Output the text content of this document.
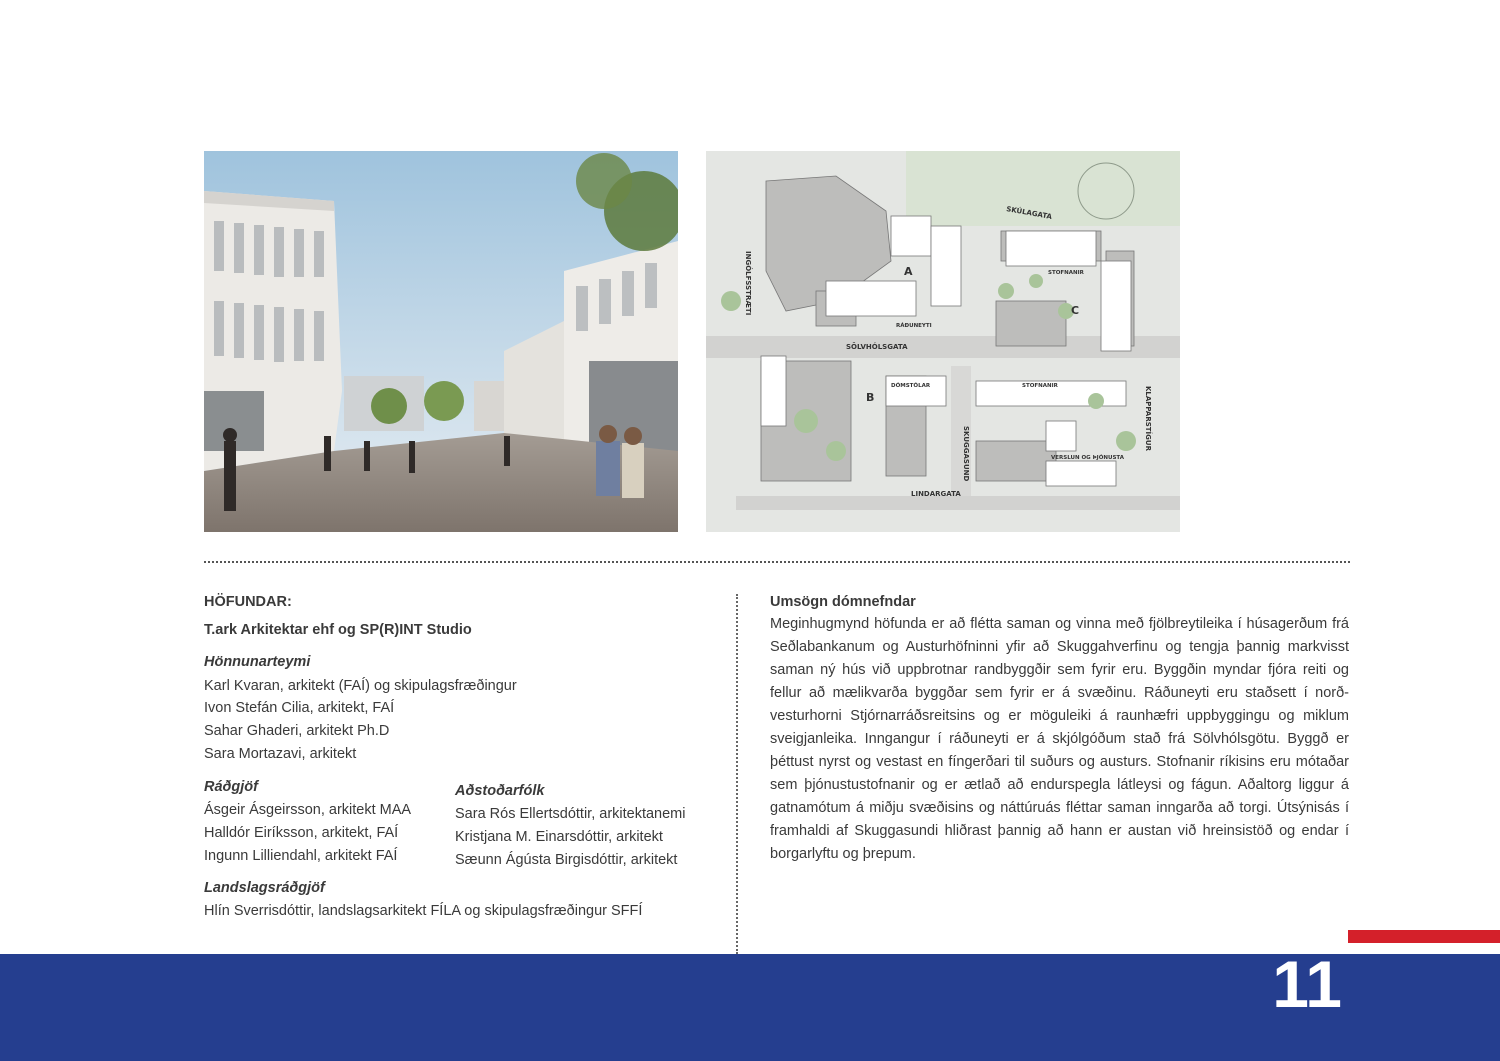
SKÚLAGATA
SÖLVHÓLSGATA
LINDARGATA
INGÓLFSSTRÆTI
KLAPPARSTÍGUR
SKUGGASUND
A
B
C
RÁÐUNEYTI
STOFNANIR
DÓMSTÓLAR	STOFNANIR
VERSLUN OG ÞJÓNUSTA

HÖFUNDAR:

T.ark Arkitektar ehf og SP(R)INT Studio

Hönnunarteymi

Karl Kvaran, arkitekt (FAÍ) og skipulagsfræðingur

Ivon Stefán Cilia, arkitekt, FAÍ

Sahar Ghaderi, arkitekt Ph.D

Sara Mortazavi, arkitekt

Ráðgjöf

Ásgeir Ásgeirsson, arkitekt MAA

Halldór Eiríksson, arkitekt, FAÍ

Ingunn Lilliendahl, arkitekt FAÍ

Aðstoðarfólk

Sara Rós Ellertsdóttir, arkitektanemi

Kristjana M. Einarsdóttir, arkitekt

Sæunn Ágústa Birgisdóttir, arkitekt

Landslagsráðgjöf

Hlín Sverrisdóttir, landslagsarkitekt FÍLA og skipulagsfræðingur SFFÍ

Umsögn dómnefndar

Meginhugmynd höfunda er að flétta saman og vinna með fjölbreytileika í húsagerðum frá Seðlabankanum og Austurhöfninni yfir að Skuggahverfinu og tengja þannig markvisst saman ný hús við uppbrotnar randbyggðir sem fyrir eru. Byggðin myndar fjóra reiti og fellur að mælikvarða byggðar sem fyrir er á svæðinu. Ráðuneyti eru staðsett í norð-vesturhorni Stjórnarráðsreitsins og er möguleiki á raunhæfri uppbyggingu og miklum sveigjanleika. Inngangur í ráðuneyti er á skjólgóðum stað frá Sölvhólsgötu. Byggð er þéttust nyrst og vestast en fíngerðari til suðurs og austurs. Stofnanir ríkisins eru mótaðar sem þjónustustofnanir og er ætlað að endurspegla látleysi og fágun. Aðaltorg liggur á gatnamótum á miðju svæðisins og náttúruás fléttar saman inngarða að torgi. Útsýnisás í framhaldi af Skuggasundi hliðrast þannig að hann er austan við hreinsistöð og endar í borgarlyftu og þrepum.

11
